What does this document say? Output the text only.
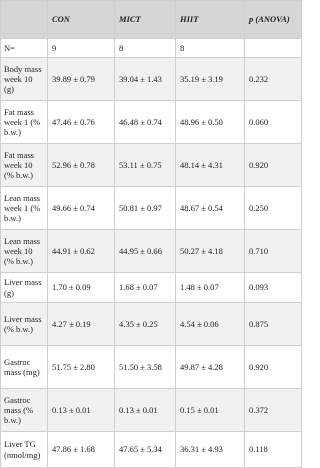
	CON	MICT	HIIT	p (ANOVA)
N=	9	8	8	
Body mass week 10 (g)	39.89 ± 0.79	39.04 ± 1.43	35.19 ± 3.19	0.232
Fat mass week 1 (% b.w.)	47.46 ± 0.76	46.48 ± 0.74	48.96 ± 0.50	0.060
Fat mass week 10 (% b.w.)	52.96 ± 0.78	53.11 ± 0.75	48.14 ± 4.31	0.920
Lean mass week 1 (% b.w.)	49.66 ± 0.74	50.81 ± 0.97	48.67 ± 0.54	0.250
Lean mass week 10 (% b.w.)	44.91 ± 0.62	44.95 ± 0.66	50.27 ± 4.18	0.710
Liver mass (g)	1.70 ± 0.09	1.68 ± 0.07	1.48 ± 0.07	0.093
Liver mass (% b.w.)	4.27 ± 0.19	4.35 ± 0.25	4.54 ± 0.06	0.875
Gastroc mass (mg)	51.75 ± 2.80	51.50 ± 3.58	49.87 ± 4.28	0.920
Gastroc mass (% b.w.)	0.13 ± 0.01	0.13 ± 0.01	0.15 ± 0.01	0.372
Liver TG (nmol/mg)	47.86 ± 1.68	47.65 ± 5.34	36.31 ± 4.93	0.118
